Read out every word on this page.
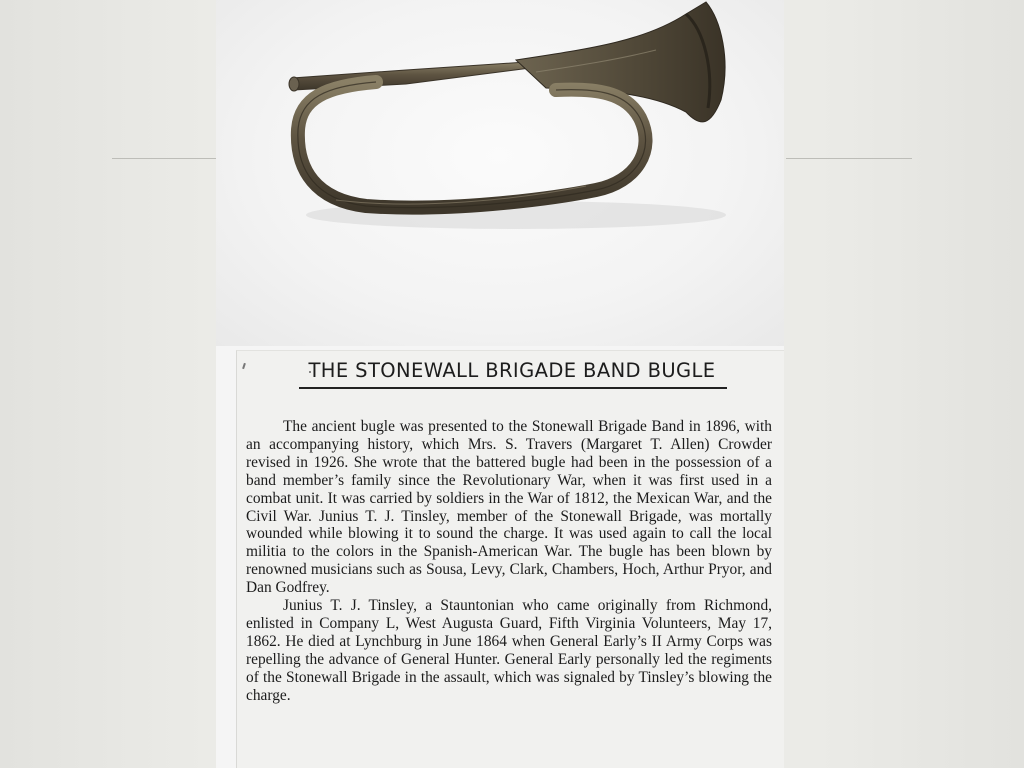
THE STONEWALL BRIGADE BAND BUGLE

The ancient bugle was presented to the Stonewall Brigade Band in 1896, with an accompanying history, which Mrs. S. Travers (Margaret T. Allen) Crowder revised in 1926. She wrote that the battered bugle had been in the possession of a band member’s family since the Revolutionary War, when it was first used in a combat unit. It was carried by soldiers in the War of 1812, the Mexican War, and the Civil War. Junius T. J. Tinsley, member of the Stonewall Brigade, was mortally wounded while blowing it to sound the charge. It was used again to call the local militia to the colors in the Spanish-American War. The bugle has been blown by renowned musicians such as Sousa, Levy, Clark, Chambers, Hoch, Arthur Pryor, and Dan Godfrey.

Junius T. J. Tinsley, a Stauntonian who came originally from Richmond, enlisted in Company L, West Augusta Guard, Fifth Virginia Volunteers, May 17, 1862. He died at Lynchburg in June 1864 when General Early’s II Army Corps was repelling the advance of General Hunter. General Early personally led the regiments of the Stonewall Brigade in the assault, which was signaled by Tinsley’s blowing the charge.
